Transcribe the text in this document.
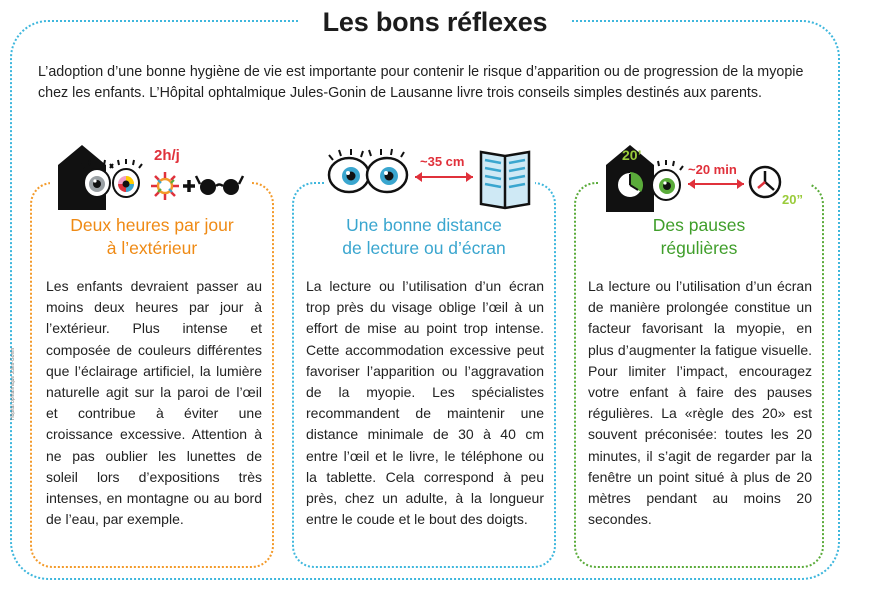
Les bons réflexes
L’adoption d’une bonne hygiène de vie est importante pour contenir le risque d’apparition ou de progression de la myopie chez les enfants. L’Hôpital ophtalmique Jules-Gonin de Lausanne livre trois conseils simples destinés aux parents.
Hôpital ophtalmique Jules-Gonin
Deux heures par jour
à l’extérieur
Les enfants devraient passer au moins deux heures par jour à l’extérieur. Plus intense et composée de couleurs différentes que l’éclairage artificiel, la lumière naturelle agit sur la paroi de l’œil et contribue à éviter une croissance excessive. Attention à ne pas oublier les lunettes de soleil lors d’expositions très intenses, en montagne ou au bord de l’eau, par exemple.
2h/j
Une bonne distance
de lecture ou d’écran
La lecture ou l’utilisation d’un écran trop près du visage oblige l’œil à un effort de mise au point trop intense. Cette accommodation excessive peut favoriser l’apparition ou l’aggravation de la myopie. Les spécialistes recommandent de maintenir une distance minimale de 30 à 40 cm entre l’œil et le livre, le téléphone ou la tablette. Cela correspond à peu près, chez un adulte, à la longueur entre le coude et le bout des doigts.
~35 cm
Des pauses
régulières
La lecture ou l’utilisation d’un écran de manière prolongée constitue un facteur favorisant la myopie, en plus d’augmenter la fatigue visuelle. Pour limiter l’impact, encouragez votre enfant à faire des pauses régulières. La «règle des 20» est souvent préconisée: toutes les 20 minutes, il s’agit de regarder par la fenêtre un point situé à plus de 20 mètres pendant au moins 20 secondes.
20’
~20 min
20”
